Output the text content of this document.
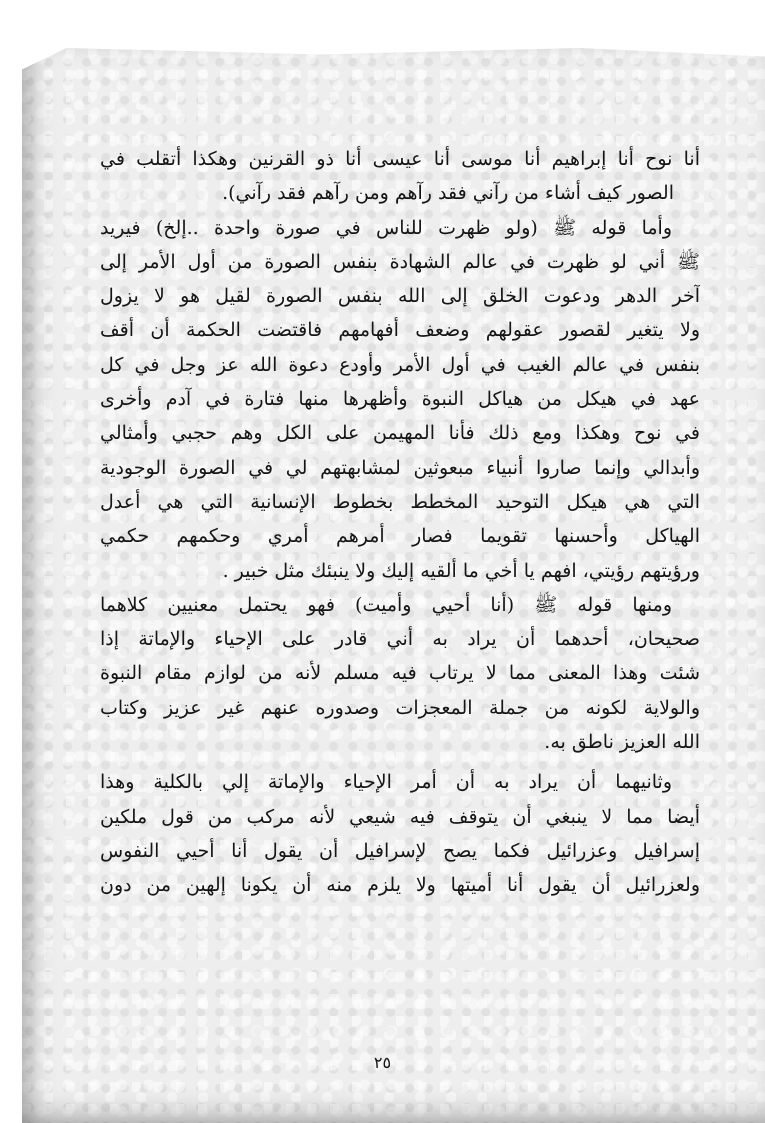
أنا نوح أنا إبراهيم أنا موسى أنا عيسى أنا ذو القرنين وهكذا أتقلب في
الصور كيف أشاء من رآني فقد رآهم ومن رآهم فقد رآني).
وأما قوله ﷺ (ولو ظهرت للناس في صورة واحدة ..إلخ) فيريد
ﷺ أني لو ظهرت في عالم الشهادة بنفس الصورة من أول الأمر إلى
آخر الدهر ودعوت الخلق إلى الله بنفس الصورة لقيل هو لا يزول
ولا يتغير لقصور عقولهم وضعف أفهامهم فاقتضت الحكمة أن أقف
بنفس في عالم الغيب في أول الأمر وأودع دعوة الله عز وجل في كل
عهد في هيكل من هياكل النبوة وأظهرها منها فتارة في آدم وأخرى
في نوح وهكذا ومع ذلك فأنا المهيمن على الكل وهم حجبي وأمثالي
وأبدالي وإنما صاروا أنبياء مبعوثين لمشابهتهم لي في الصورة الوجودية
التي هي هيكل التوحيد المخطط بخطوط الإنسانية التي هي أعدل
الهياكل وأحسنها تقويما فصار أمرهم أمري وحكمهم حكمي
ورؤيتهم رؤيتي، افهم يا أخي ما ألقيه إليك ولا ينبئك مثل خبير .
ومنها قوله ﷺ (أنا أحيي وأميت) فهو يحتمل معنيين كلاهما
صحيحان، أحدهما أن يراد به أني قادر على الإحياء والإماتة إذا
شئت وهذا المعنى مما لا يرتاب فيه مسلم لأنه من لوازم مقام النبوة
والولاية لكونه من جملة المعجزات وصدوره عنهم غير عزيز وكتاب
الله العزيز ناطق به.
وثانيهما أن يراد به أن أمر الإحياء والإماتة إلي بالكلية وهذا
أيضا مما لا ينبغي أن يتوقف فيه شيعي لأنه مركب من قول ملكين
إسرافيل وعزرائيل فكما يصح لإسرافيل أن يقول أنا أحيي النفوس
ولعزرائيل أن يقول أنا أميتها ولا يلزم منه أن يكونا إلهين من دون
٢٥
